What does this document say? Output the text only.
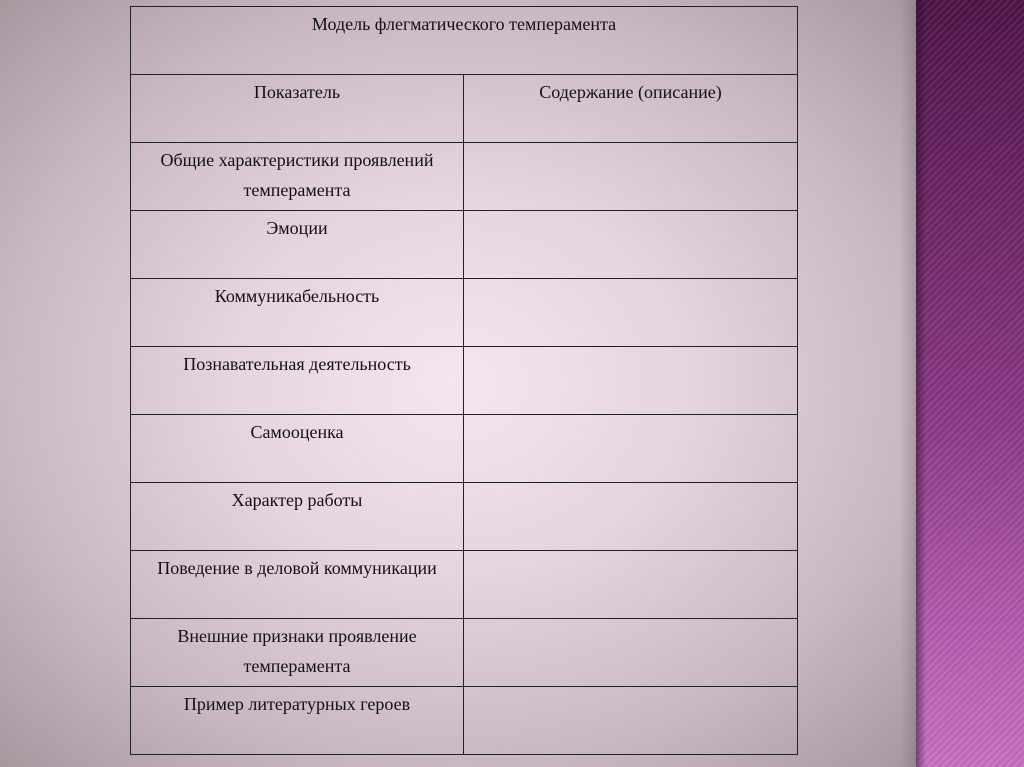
Модель флегматического темперамента	
Показатель	Содержание (описание)
Общие характеристики проявлений темперамента	
Эмоции	
Коммуникабельность	
Познавательная деятельность	
Самооценка	
Характер работы	
Поведение в деловой коммуникации	
Внешние признаки проявление темперамента	
Пример литературных героев	
